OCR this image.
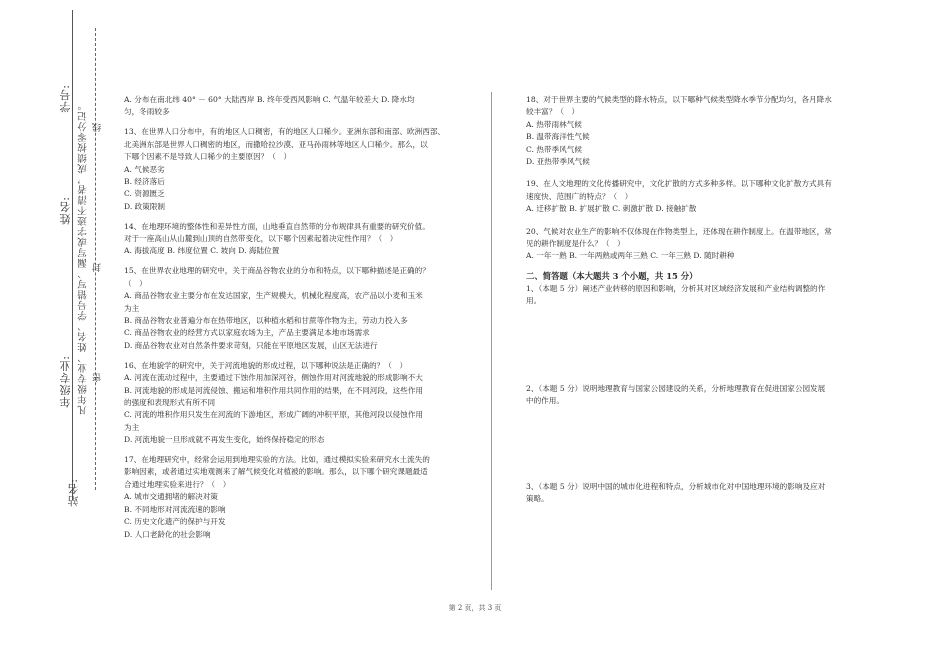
学号:
姓名:
年级专业:
站名:
凡年级专业、姓名、学号错写、漏写或字迹不清者，成绩按零分记。 密
封
线

A. 分布在南北纬 40° － 60° 大陆西岸 B. 终年受西风影响 C. 气温年较差大 D. 降水均

匀，冬雨较多

13、在世界人口分布中，有的地区人口稠密，有的地区人口稀少。亚洲东部和南部、欧洲西部、

北美洲东部是世界人口稠密的地区，而撒哈拉沙漠、亚马孙雨林等地区人口稀少。那么，以

下哪个因素不是导致人口稀少的主要原因？（　）

A. 气候恶劣

B. 经济落后

C. 资源匮乏

D. 政策限制

14、在地理环境的整体性和差异性方面，山地垂直自然带的分布规律具有重要的研究价值。

对于一座高山从山麓到山顶的自然带变化，以下哪个因素起着决定性作用？（　）

A. 海拔高度 B. 纬度位置 C. 坡向 D. 海陆位置

15、在世界农业地理的研究中，关于商品谷物农业的分布和特点，以下哪种描述是正确的？

（　）

A. 商品谷物农业主要分布在发达国家，生产规模大，机械化程度高，农产品以小麦和玉米

为主

B. 商品谷物农业普遍分布在热带地区，以种植水稻和甘蔗等作物为主，劳动力投入多

C. 商品谷物农业的经营方式以家庭农场为主，产品主要满足本地市场需求

D. 商品谷物农业对自然条件要求苛刻，只能在平原地区发展，山区无法进行

16、在地貌学的研究中，关于河流地貌的形成过程，以下哪种说法是正确的？（　）

A. 河流在流动过程中，主要通过下蚀作用加深河谷，侧蚀作用对河流地貌的形成影响不大

B. 河流地貌的形成是河流侵蚀、搬运和堆积作用共同作用的结果，在不同河段，这些作用

的强度和表现形式有所不同

C. 河流的堆积作用只发生在河流的下游地区，形成广阔的冲积平原，其他河段以侵蚀作用

为主

D. 河流地貌一旦形成就不再发生变化，始终保持稳定的形态

17、在地理研究中，经常会运用到地理实验的方法。比如，通过模拟实验来研究水土流失的

影响因素，或者通过实地观测来了解气候变化对植被的影响。那么，以下哪个研究课题最适

合通过地理实验来进行？（　）

A. 城市交通拥堵的解决对策

B. 不同地形对河流流速的影响

C. 历史文化遗产的保护与开发

D. 人口老龄化的社会影响

18、对于世界主要的气候类型的降水特点，以下哪种气候类型降水季节分配均匀，各月降水

较丰富？（　）

A. 热带雨林气候

B. 温带海洋性气候

C. 热带季风气候

D. 亚热带季风气候

19、在人文地理的文化传播研究中，文化扩散的方式多种多样。以下哪种文化扩散方式具有

速度快、范围广的特点？（　）

A. 迁移扩散 B. 扩展扩散 C. 刺激扩散 D. 接触扩散

20、气候对农业生产的影响不仅体现在作物类型上，还体现在耕作制度上。在温带地区，常

见的耕作制度是什么？（　）

A. 一年一熟 B. 一年两熟或两年三熟 C. 一年三熟 D. 随时耕种

二、简答题（本大题共 3 个小题，共 15 分）

1、（本题 5 分）阐述产业转移的原因和影响，分析其对区域经济发展和产业结构调整的作

用。

2、（本题 5 分）说明地理教育与国家公园建设的关系，分析地理教育在促进国家公园发展

中的作用。

3、（本题 5 分）说明中国的城市化进程和特点，分析城市化对中国地理环境的影响及应对

策略。

第 2 页，共 3 页
